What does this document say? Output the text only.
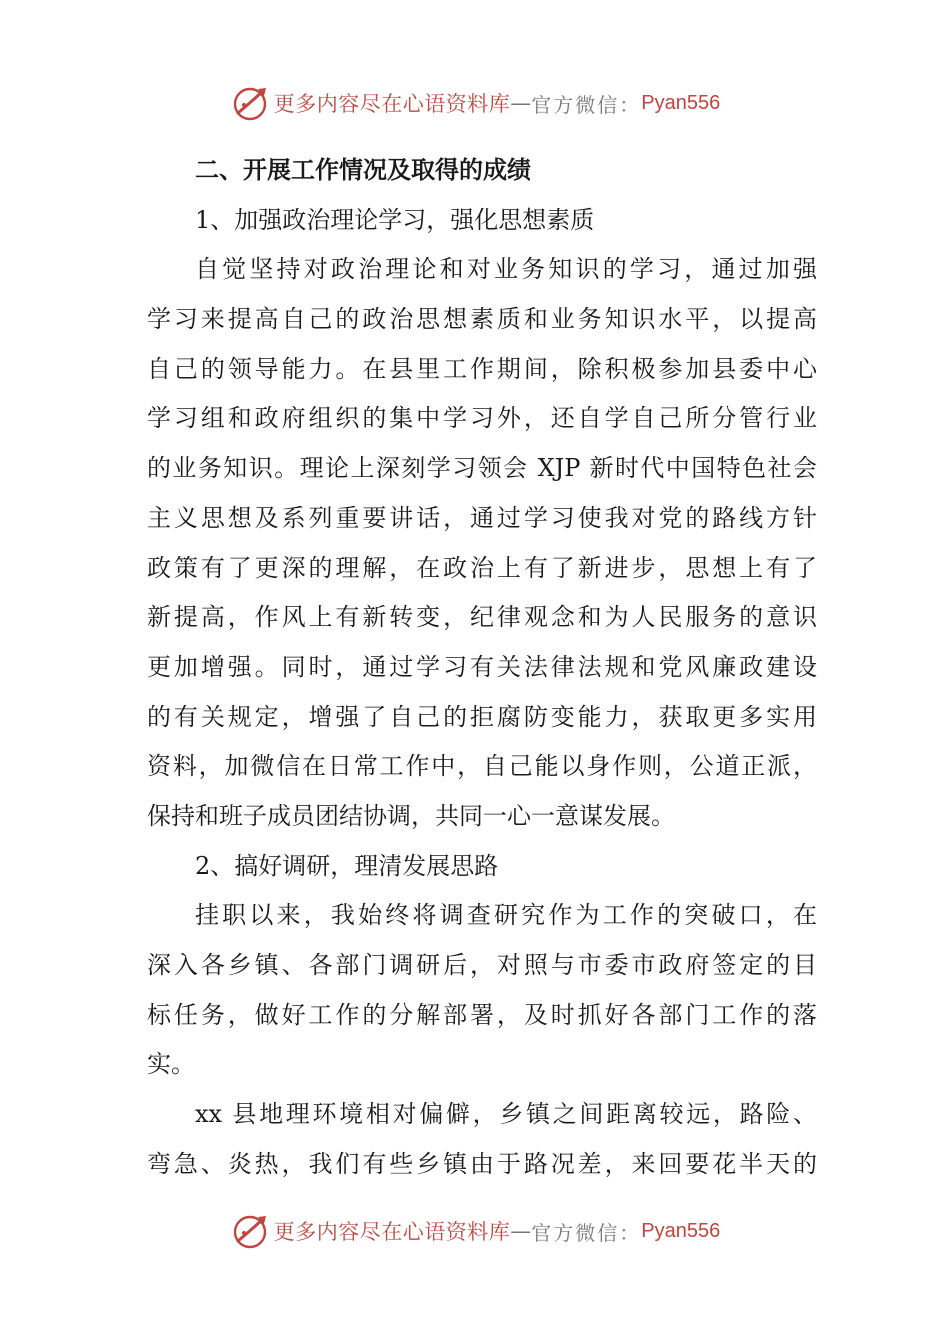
更多内容尽在心语资料库 — 官方微信： Pyan556
二、开展工作情况及取得的成绩
1、加强政治理论学习，强化思想素质
自觉坚持对政治理论和对业务知识的学习，通过加强
学习来提高自己的政治思想素质和业务知识水平，以提高
自己的领导能力。在县里工作期间，除积极参加县委中心
学习组和政府组织的集中学习外，还自学自己所分管行业
的业务知识。理论上深刻学习领会 XJP 新时代中国特色社会
主义思想及系列重要讲话，通过学习使我对党的路线方针
政策有了更深的理解，在政治上有了新进步，思想上有了
新提高，作风上有新转变，纪律观念和为人民服务的意识
更加增强。同时，通过学习有关法律法规和党风廉政建设
的有关规定，增强了自己的拒腐防变能力，获取更多实用
资料，加微信在日常工作中，自己能以身作则，公道正派，
保持和班子成员团结协调，共同一心一意谋发展。
2、搞好调研，理清发展思路
挂职以来，我始终将调查研究作为工作的突破口，在
深入各乡镇、各部门调研后，对照与市委市政府签定的目
标任务，做好工作的分解部署，及时抓好各部门工作的落
实。
xx 县地理环境相对偏僻，乡镇之间距离较远，路险、
弯急、炎热，我们有些乡镇由于路况差，来回要花半天的
更多内容尽在心语资料库 — 官方微信： Pyan556
